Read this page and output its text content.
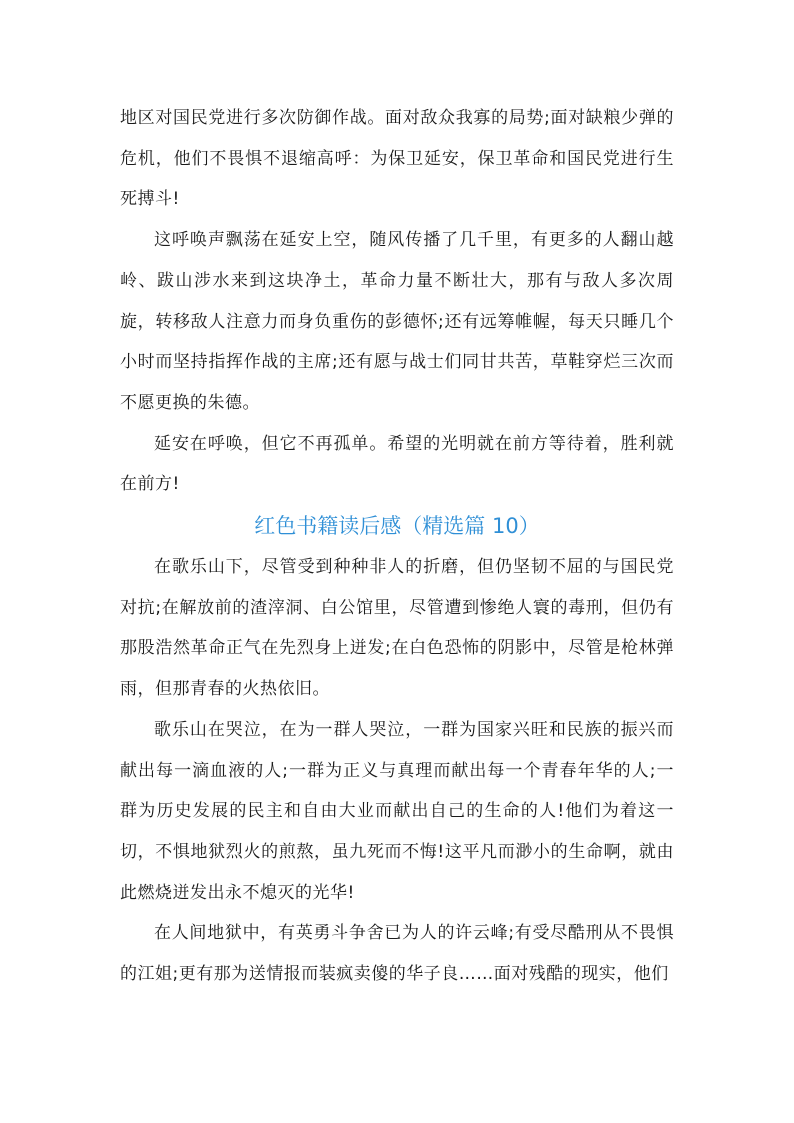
地区对国民党进行多次防御作战。面对敌众我寡的局势;面对缺粮少弹的危机，他们不畏惧不退缩高呼：为保卫延安，保卫革命和国民党进行生死搏斗!

这呼唤声飘荡在延安上空，随风传播了几千里，有更多的人翻山越岭、跋山涉水来到这块净土，革命力量不断壮大，那有与敌人多次周旋，转移敌人注意力而身负重伤的彭德怀;还有远筹帷幄，每天只睡几个小时而坚持指挥作战的主席;还有愿与战士们同甘共苦，草鞋穿烂三次而不愿更换的朱德。

延安在呼唤，但它不再孤单。希望的光明就在前方等待着，胜利就在前方!

红色书籍读后感（精选篇 10）

在歌乐山下，尽管受到种种非人的折磨，但仍坚韧不屈的与国民党对抗;在解放前的渣滓洞、白公馆里，尽管遭到惨绝人寰的毒刑，但仍有那股浩然革命正气在先烈身上迸发;在白色恐怖的阴影中，尽管是枪林弹雨，但那青春的火热依旧。

歌乐山在哭泣，在为一群人哭泣，一群为国家兴旺和民族的振兴而献出每一滴血液的人;一群为正义与真理而献出每一个青春年华的人;一群为历史发展的民主和自由大业而献出自己的生命的人!他们为着这一切，不惧地狱烈火的煎熬，虽九死而不悔!这平凡而渺小的生命啊，就由此燃烧迸发出永不熄灭的光华!

在人间地狱中，有英勇斗争舍已为人的许云峰;有受尽酷刑从不畏惧的江姐;更有那为送情报而装疯卖傻的华子良……面对残酷的现实，他们
